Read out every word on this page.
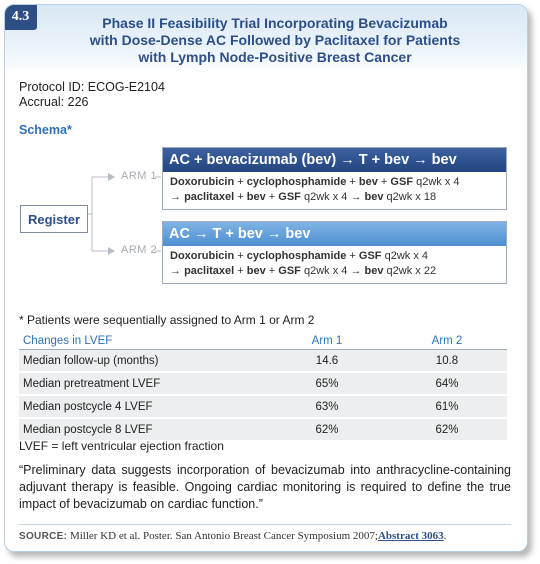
4.3	Phase II Feasibility Trial Incorporating Bevacizumab
with Dose-Dense AC Followed by Paclitaxel for Patients
with Lymph Node-Positive Breast Cancer
Protocol ID: ECOG-E2104
Accrual: 226
Schema*
Register
ARM 1
ARM 2
AC + bevacizumab (bev) → T + bev → bev
Doxorubicin + cyclophosphamide + bev + GSF q2wk x 4
→ paclitaxel + bev + GSF q2wk x 4 → bev q2wk x 18
AC → T + bev → bev
Doxorubicin + cyclophosphamide + GSF q2wk x 4
→ paclitaxel + bev + GSF q2wk x 4 → bev q2wk x 22
* Patients were sequentially assigned to Arm 1 or Arm 2
Changes in LVEF	Arm 1	Arm 2
Median follow-up (months)	14.6	10.8
Median pretreatment LVEF	65%	64%
Median postcycle 4 LVEF	63%	61%
Median postcycle 8 LVEF	62%	62%
LVEF = left ventricular ejection fraction
“Preliminary data suggests incorporation of bevacizumab into anthracycline-containing adjuvant therapy is feasible. Ongoing cardiac monitoring is required to define the true impact of bevacizumab on cardiac function.”
SOURCE: Miller KD et al. Poster. San Antonio Breast Cancer Symposium 2007;Abstract 3063.
